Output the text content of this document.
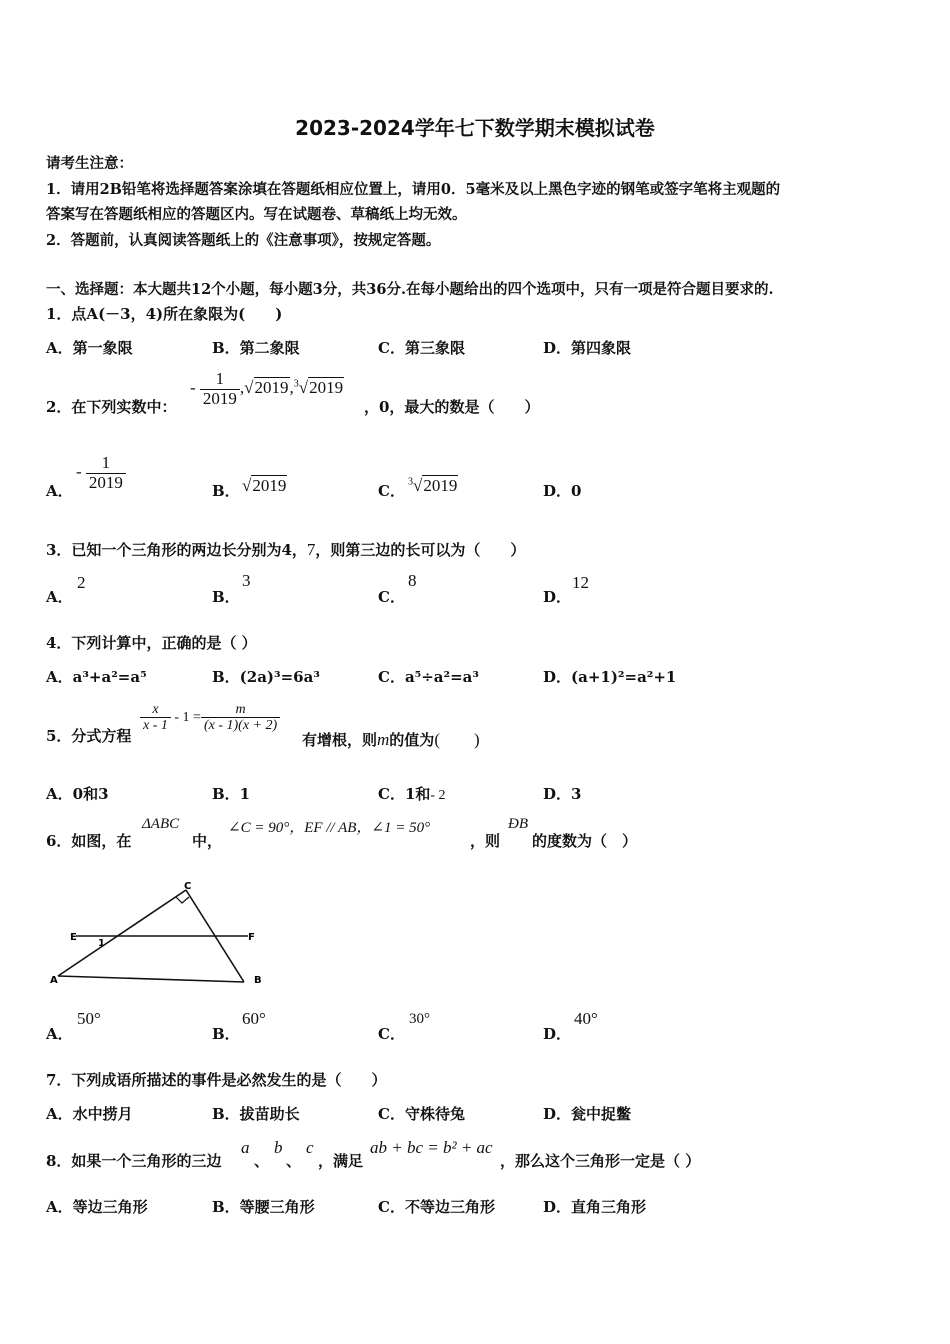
2023-2024学年七下数学期末模拟试卷
请考生注意：
1．请用2B铅笔将选择题答案涂填在答题纸相应位置上，请用0．5毫米及以上黑色字迹的钢笔或签字笔将主观题的
答案写在答题纸相应的答题区内。写在试题卷、草稿纸上均无效。
2．答题前，认真阅读答题纸上的《注意事项》，按规定答题。
一、选择题：本大题共12个小题，每小题3分，共36分.在每小题给出的四个选项中，只有一项是符合题目要求的.
1．点A(－3，4)所在象限为(　　)
A．第一象限	B．第二象限	C．第三象限	D．第四象限
2．在下列实数中：
- $\frac{1}{2019} ,√2019,^3√2019$
，0，最大的数是（　　）
A．
- $\frac{1}{2019}$	B． √2019	C．
$^3$√2019	D．0
3．已知一个三角形的两边长分别为4，7，则第三边的长可以为（　　）
A．
2
B．
3
C．
8
D．
12
4．下列计算中，正确的是（ ）
A．a³+a²=a⁵	B．(2a)³=6a³	C．a⁵÷a²=a³	D．(a+1)²=a²+1
5．分式方程
$\frac{x}{x - 1} - 1 = \frac{m}{(x - 1)(x + 2)}$
有增根，则m的值为(　　)
A．0和3	B．1	C．1和- 2	D．3
6．如图，在
ΔABC
中，
∠C = 90°，EF // AB，∠1 = 50°
，则
ÐB
的度数为（　）
C
E	F
1
A	B
A．
50°
B．
60°
C．
30°
D．
40°
7．下列成语所描述的事件是必然发生的是（　　）
A．水中捞月	B．拔苗助长	C．守株待兔	D．瓮中捉鳖
8．如果一个三角形的三边
a
、
b
、
c
，满足
ab + bc = b² + ac
，那么这个三角形一定是（ ）
A．等边三角形	B．等腰三角形	C．不等边三角形	D．直角三角形
